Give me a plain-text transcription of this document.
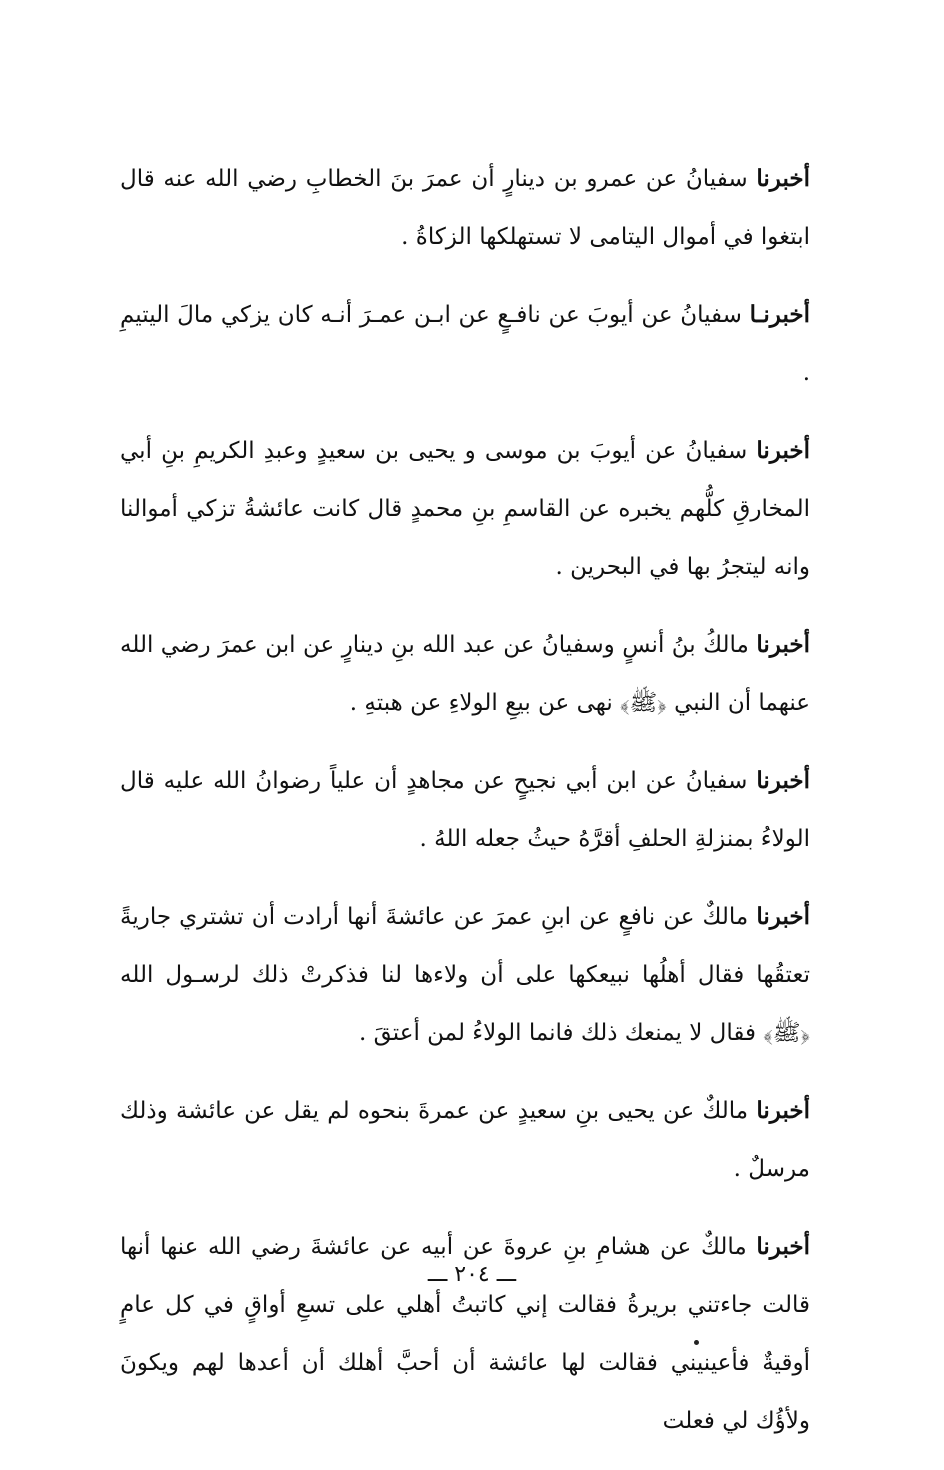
أخبرنا سفيانُ عن عمرو بن دينارٍ أن عمرَ بنَ الخطابِ رضي الله عنه قال ابتغوا في أموال اليتامى لا تستهلكها الزكاةُ .

أخبرنـا سفيانُ عن أيوبَ عن نافـعٍ عن ابـن عمـرَ أنـه كان يزكي مالَ اليتيمِ .

أخبرنا سفيانُ عن أيوبَ بن موسى و يحيى بن سعيدٍ وعبدِ الكريمِ بنِ أبي المخارقِ كلُّهم يخبره عن القاسمِ بنِ محمدٍ قال كانت عائشةُ تزكي أموالنا وانه ليتجرُ بها في البحرين .

أخبرنا مالكُ بنُ أنسٍ وسفيانُ عن عبد الله بنِ دينارٍ عن ابن عمرَ رضي الله عنهما أن النبي ﴿ﷺ﴾ نهى عن بيعِ الولاءِ عن هبتهِ .

أخبرنا سفيانُ عن ابن أبي نجيحٍ عن مجاهدٍ أن علياً رضوانُ الله عليه قال الولاءُ بمنزلةِ الحلفِ أقرَّهُ حيثُ جعله اللهُ .

أخبرنا مالكٌ عن نافعٍ عن ابنِ عمرَ عن عائشةَ أنها أرادت أن تشتري جاريةً تعتقُها فقال أهلُها نبيعكها على أن ولاءها لنا فذكرتْ ذلك لرسـول الله ﴿ﷺ﴾ فقال لا يمنعك ذلك فانما الولاءُ لمن أعتقَ .

أخبرنا مالكٌ عن يحيى بنِ سعيدٍ عن عمرةَ بنحوه لم يقل عن عائشة وذلك مرسلٌ .

أخبرنا مالكٌ عن هشامِ بنِ عروةَ عن أبيه عن عائشةَ رضي الله عنها أنها قالت جاءتني بريرةُ فقالت إني كاتبتُ أهلي على تسعِ أواقٍ في كل عامٍ أوقيةٌ فأعينيني فقالت لها عائشة أن أحبَّ أهلك أن أعدها لهم ويكونَ ولأؤُك لي فعلت

ـــ ٢٠٤ ـــ
